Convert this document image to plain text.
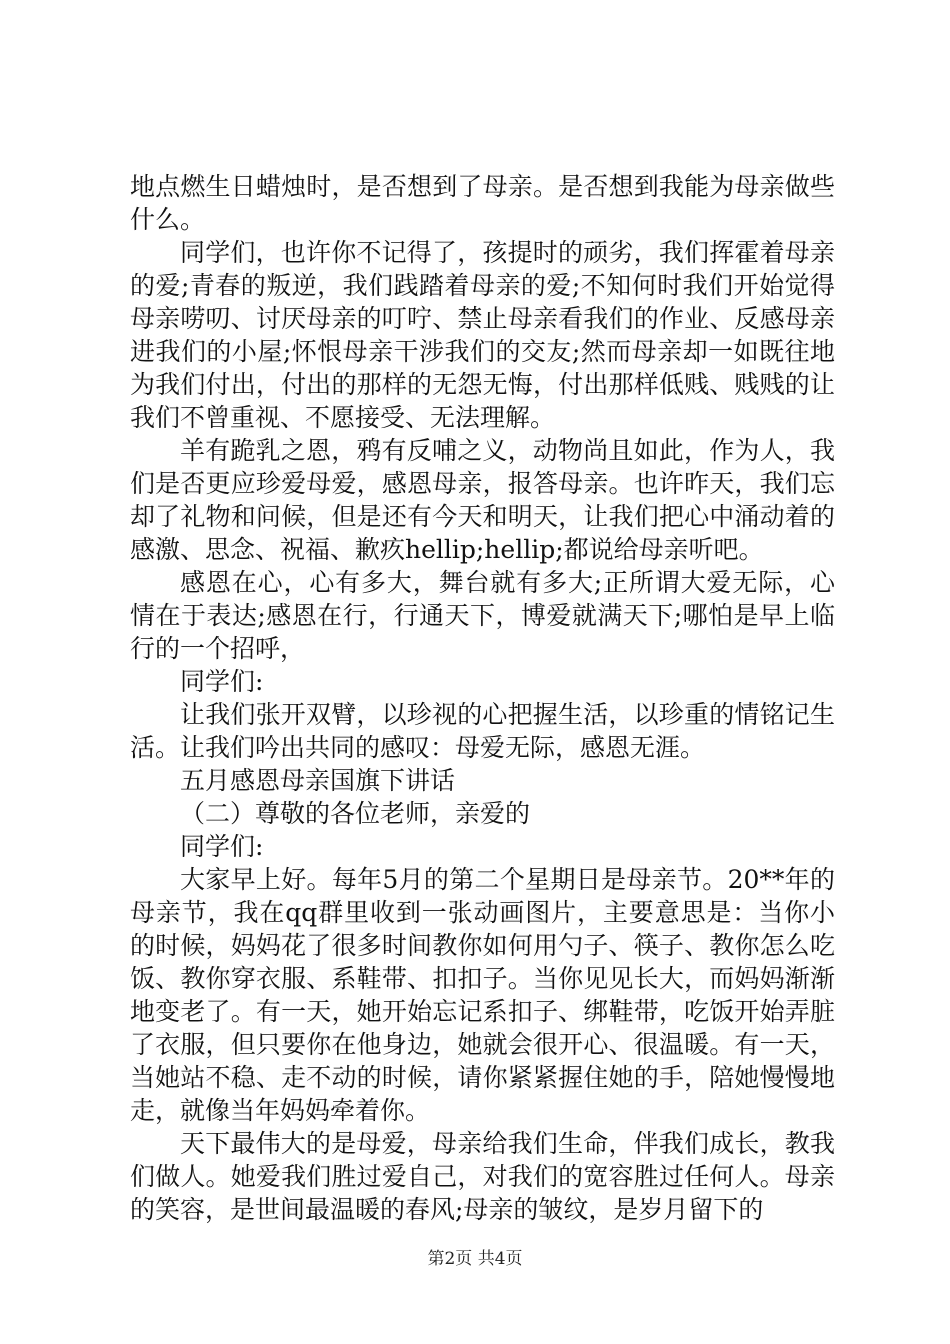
地点燃生日蜡烛时，是否想到了母亲。是否想到我能为母亲做些什么。

同学们，也许你不记得了，孩提时的顽劣，我们挥霍着母亲的爱;青春的叛逆，我们践踏着母亲的爱;不知何时我们开始觉得母亲唠叨、讨厌母亲的叮咛、禁止母亲看我们的作业、反感母亲进我们的小屋;怀恨母亲干涉我们的交友;然而母亲却一如既往地为我们付出，付出的那样的无怨无悔，付出那样低贱、贱贱的让我们不曾重视、不愿接受、无法理解。

羊有跪乳之恩，鸦有反哺之义，动物尚且如此，作为人，我们是否更应珍爱母爱，感恩母亲，报答母亲。也许昨天，我们忘却了礼物和问候，但是还有今天和明天，让我们把心中涌动着的感激、思念、祝福、歉疚hellip;hellip;都说给母亲听吧。

感恩在心，心有多大，舞台就有多大;正所谓大爱无际，心情在于表达;感恩在行，行通天下，博爱就满天下;哪怕是早上临行的一个招呼，

同学们:

让我们张开双臂，以珍视的心把握生活，以珍重的情铭记生活。让我们吟出共同的感叹：母爱无际，感恩无涯。

五月感恩母亲国旗下讲话

（二）尊敬的各位老师，亲爱的

同学们:

大家早上好。每年5月的第二个星期日是母亲节。20**年的母亲节，我在qq群里收到一张动画图片，主要意思是：当你小的时候，妈妈花了很多时间教你如何用勺子、筷子、教你怎么吃饭、教你穿衣服、系鞋带、扣扣子。当你见见长大，而妈妈渐渐地变老了。有一天，她开始忘记系扣子、绑鞋带，吃饭开始弄脏了衣服，但只要你在他身边，她就会很开心、很温暖。有一天，当她站不稳、走不动的时候，请你紧紧握住她的手，陪她慢慢地走，就像当年妈妈牵着你。

天下最伟大的是母爱，母亲给我们生命，伴我们成长，教我们做人。她爱我们胜过爱自己，对我们的宽容胜过任何人。母亲的笑容，是世间最温暖的春风;母亲的皱纹，是岁月留下的

第2页 共4页
